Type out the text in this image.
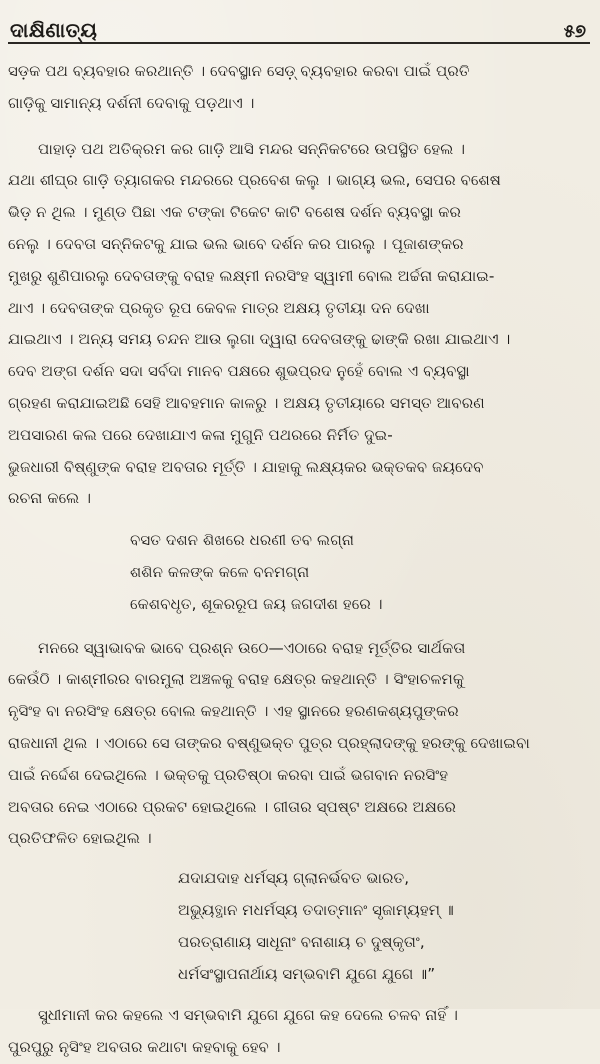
ଦାକ୍ଷିଣାତ୍ୟ	୫୭

ସଡ଼କ ପଥ ବ୍ୟବହାର କରଥାନ୍ତି । ଦେବସ୍ଥାନ ସେଡ଼୍ ବ୍ୟବହାର କରବା ପାଇଁ ପ୍ରତି
ଗାଡ଼ିକୁ ସାମାନ୍ୟ ଦର୍ଶନୀ ଦେବାକୁ ପଡ଼ଥାଏ ।

ପାହାଡ଼ ପଥ ଅତିକ୍ରମ କର ଗାଡ଼ି ଆସି ମନ୍ଦର ସନ୍ନିକଟରେ ଉପସ୍ଥିତ ହେଲ ।
ଯଥା ଶୀଘ୍ର ଗାଡ଼ି ତ୍ୟାଗକର ମନ୍ଦରରେ ପ୍ରବେଶ କଲୁ । ଭାଗ୍ୟ ଭଲ, ସେପର ବଶେଷ
ଭିଡ଼ ନ ଥିଲ । ମୁଣ୍ଡ ପିଛା ଏକ ଟଙ୍କା ଟିକେଟ କାଟି ବଶେଷ ଦର୍ଶନ ବ୍ୟବସ୍ଥା କର
ନେଲୁ । ଦେବତା ସନ୍ନିକଟକୁ ଯାଇ ଭଲ ଭାବେ ଦର୍ଶନ କର ପାରଲୁ । ପୂଜାଶଙ୍କର
ମୁଖରୁ ଶୁଣିପାରଲୁ ଦେବତାଙ୍କୁ ବରାହ ଲକ୍ଷ୍ମୀ ନରସିଂହ ସ୍ୱାମୀ ବୋଲ ଅର୍ଚ୍ଚନା କରାଯାଇ-
ଥାଏ । ଦେବତାଙ୍କ ପ୍ରକୃତ ରୂପ କେବଳ ମାତ୍ର ଅକ୍ଷୟ ତୃତୀୟା ଦନ ଦେଖା
ଯାଇଥାଏ । ଅନ୍ୟ ସମୟ ଚନ୍ଦନ ଆଉ ଲୁଗା ଦ୍ୱାରା ଦେବତାଙ୍କୁ ଢାଙ୍କି ରଖା ଯାଇଥାଏ ।
ଦେବ ଅଙ୍ଗ ଦର୍ଶନ ସଦା ସର୍ବଦା ମାନବ ପକ୍ଷରେ ଶୁଭପ୍ରଦ ନୁହେଁ ବୋଲ ଏ ବ୍ୟବସ୍ଥା
ଗ୍ରହଣ କରାଯାଇଅଛି ସେହି ଆବହମାନ କାଳରୁ । ଅକ୍ଷୟ ତୃତୀୟାରେ ସମସ୍ତ ଆବରଣ
ଅପସାରଣ କଲ ପରେ ଦେଖାଯାଏ କଳା ମୁଗୁନି ପଥରରେ ନିର୍ମିତ ଦୁଇ-
ଭୁଜଧାରୀ ବିଷ୍ଣୁଙ୍କ ବରାହ ଅବତାର ମୂର୍ତ୍ତି । ଯାହାକୁ ଲକ୍ଷ୍ୟକର ଭକ୍ତକବ ଜୟଦେବ
ରଚନା କଲେ ।

ବସତ ଦଶନ ଶିଖରେ ଧରଣୀ ତବ ଲଗ୍ନା
ଶଶିନ କଳଙ୍କ କଳେ ବନମଗ୍ନା
କେଶବଧୃତ, ଶୂକରରୂପ ଜୟ ଜଗଦୀଶ ହରେ ।

ମନରେ ସ୍ୱାଭାବକ ଭାବେ ପ୍ରଶ୍ନ ଉଠେ—ଏଠାରେ ବରାହ ମୂର୍ତ୍ତିର ସାର୍ଥକତା
କେଉଁଠି । କାଶ୍ମୀରର ବାରମୁଲା ଅଞ୍ଚଳକୁ ବରାହ କ୍ଷେତ୍ର କହଥାନ୍ତି । ସିଂହାଚଳମକୁ
ନୃସିଂହ ବା ନରସିଂହ କ୍ଷେତ୍ର ବୋଲ କହଥାନ୍ତି । ଏହ ସ୍ଥାନରେ ହରଣକଶ୍ୟପୁଙ୍କର
ରାଜଧାନୀ ଥିଲ । ଏଠାରେ ସେ ତାଙ୍କର ବଷ୍ଣୁଭକ୍ତ ପୁତ୍ର ପ୍ରହ୍ଲାଦଙ୍କୁ ହରଙ୍କୁ ଦେଖାଇବା
ପାଇଁ ନର୍ଦ୍ଦେଶ ଦେଇଥିଲେ । ଭକ୍ତକୁ ପ୍ରତିଷ୍ଠା କରବା ପାଇଁ ଭଗବାନ ନରସିଂହ
ଅବତାର ନେଇ ଏଠାରେ ପ୍ରକଟ ହୋଇଥିଲେ । ଗୀତାର ସ୍ପଷ୍ଟ ଅକ୍ଷରେ ଅକ୍ଷରେ
ପ୍ରତିଫଳିତ ହୋଇଥିଲ ।

ଯଦାଯଦାହ ଧର୍ମସ୍ୟ ଗ୍ଲାନର୍ଭବତ ଭାରତ,
ଅଭ୍ୟୁତ୍ଥାନ ମଧର୍ମସ୍ୟ ତଦାତ୍ମାନଂ ସୃଜାମ୍ୟହମ୍ ॥
ପରତ୍ରାଣାୟ ସାଧୂନାଂ ବନାଶାୟ ଚ ଦୁଷ୍କୃତାଂ,
ଧର୍ମସଂସ୍ଥାପନାର୍ଥାୟ ସମ୍ଭବାମି ଯୁଗେ ଯୁଗେ ॥”

ସୁଧୀମାନୀ କର କହଲେ ଏ ସମ୍ଭବାମି ଯୁଗେ ଯୁଗେ କହ ଦେଲେ ଚଳବ ନାହିଁ ।
ପୁରପୁରୁ ନୃସିଂହ ଅବତାର କଥାଟା କହବାକୁ ହେବ ।
